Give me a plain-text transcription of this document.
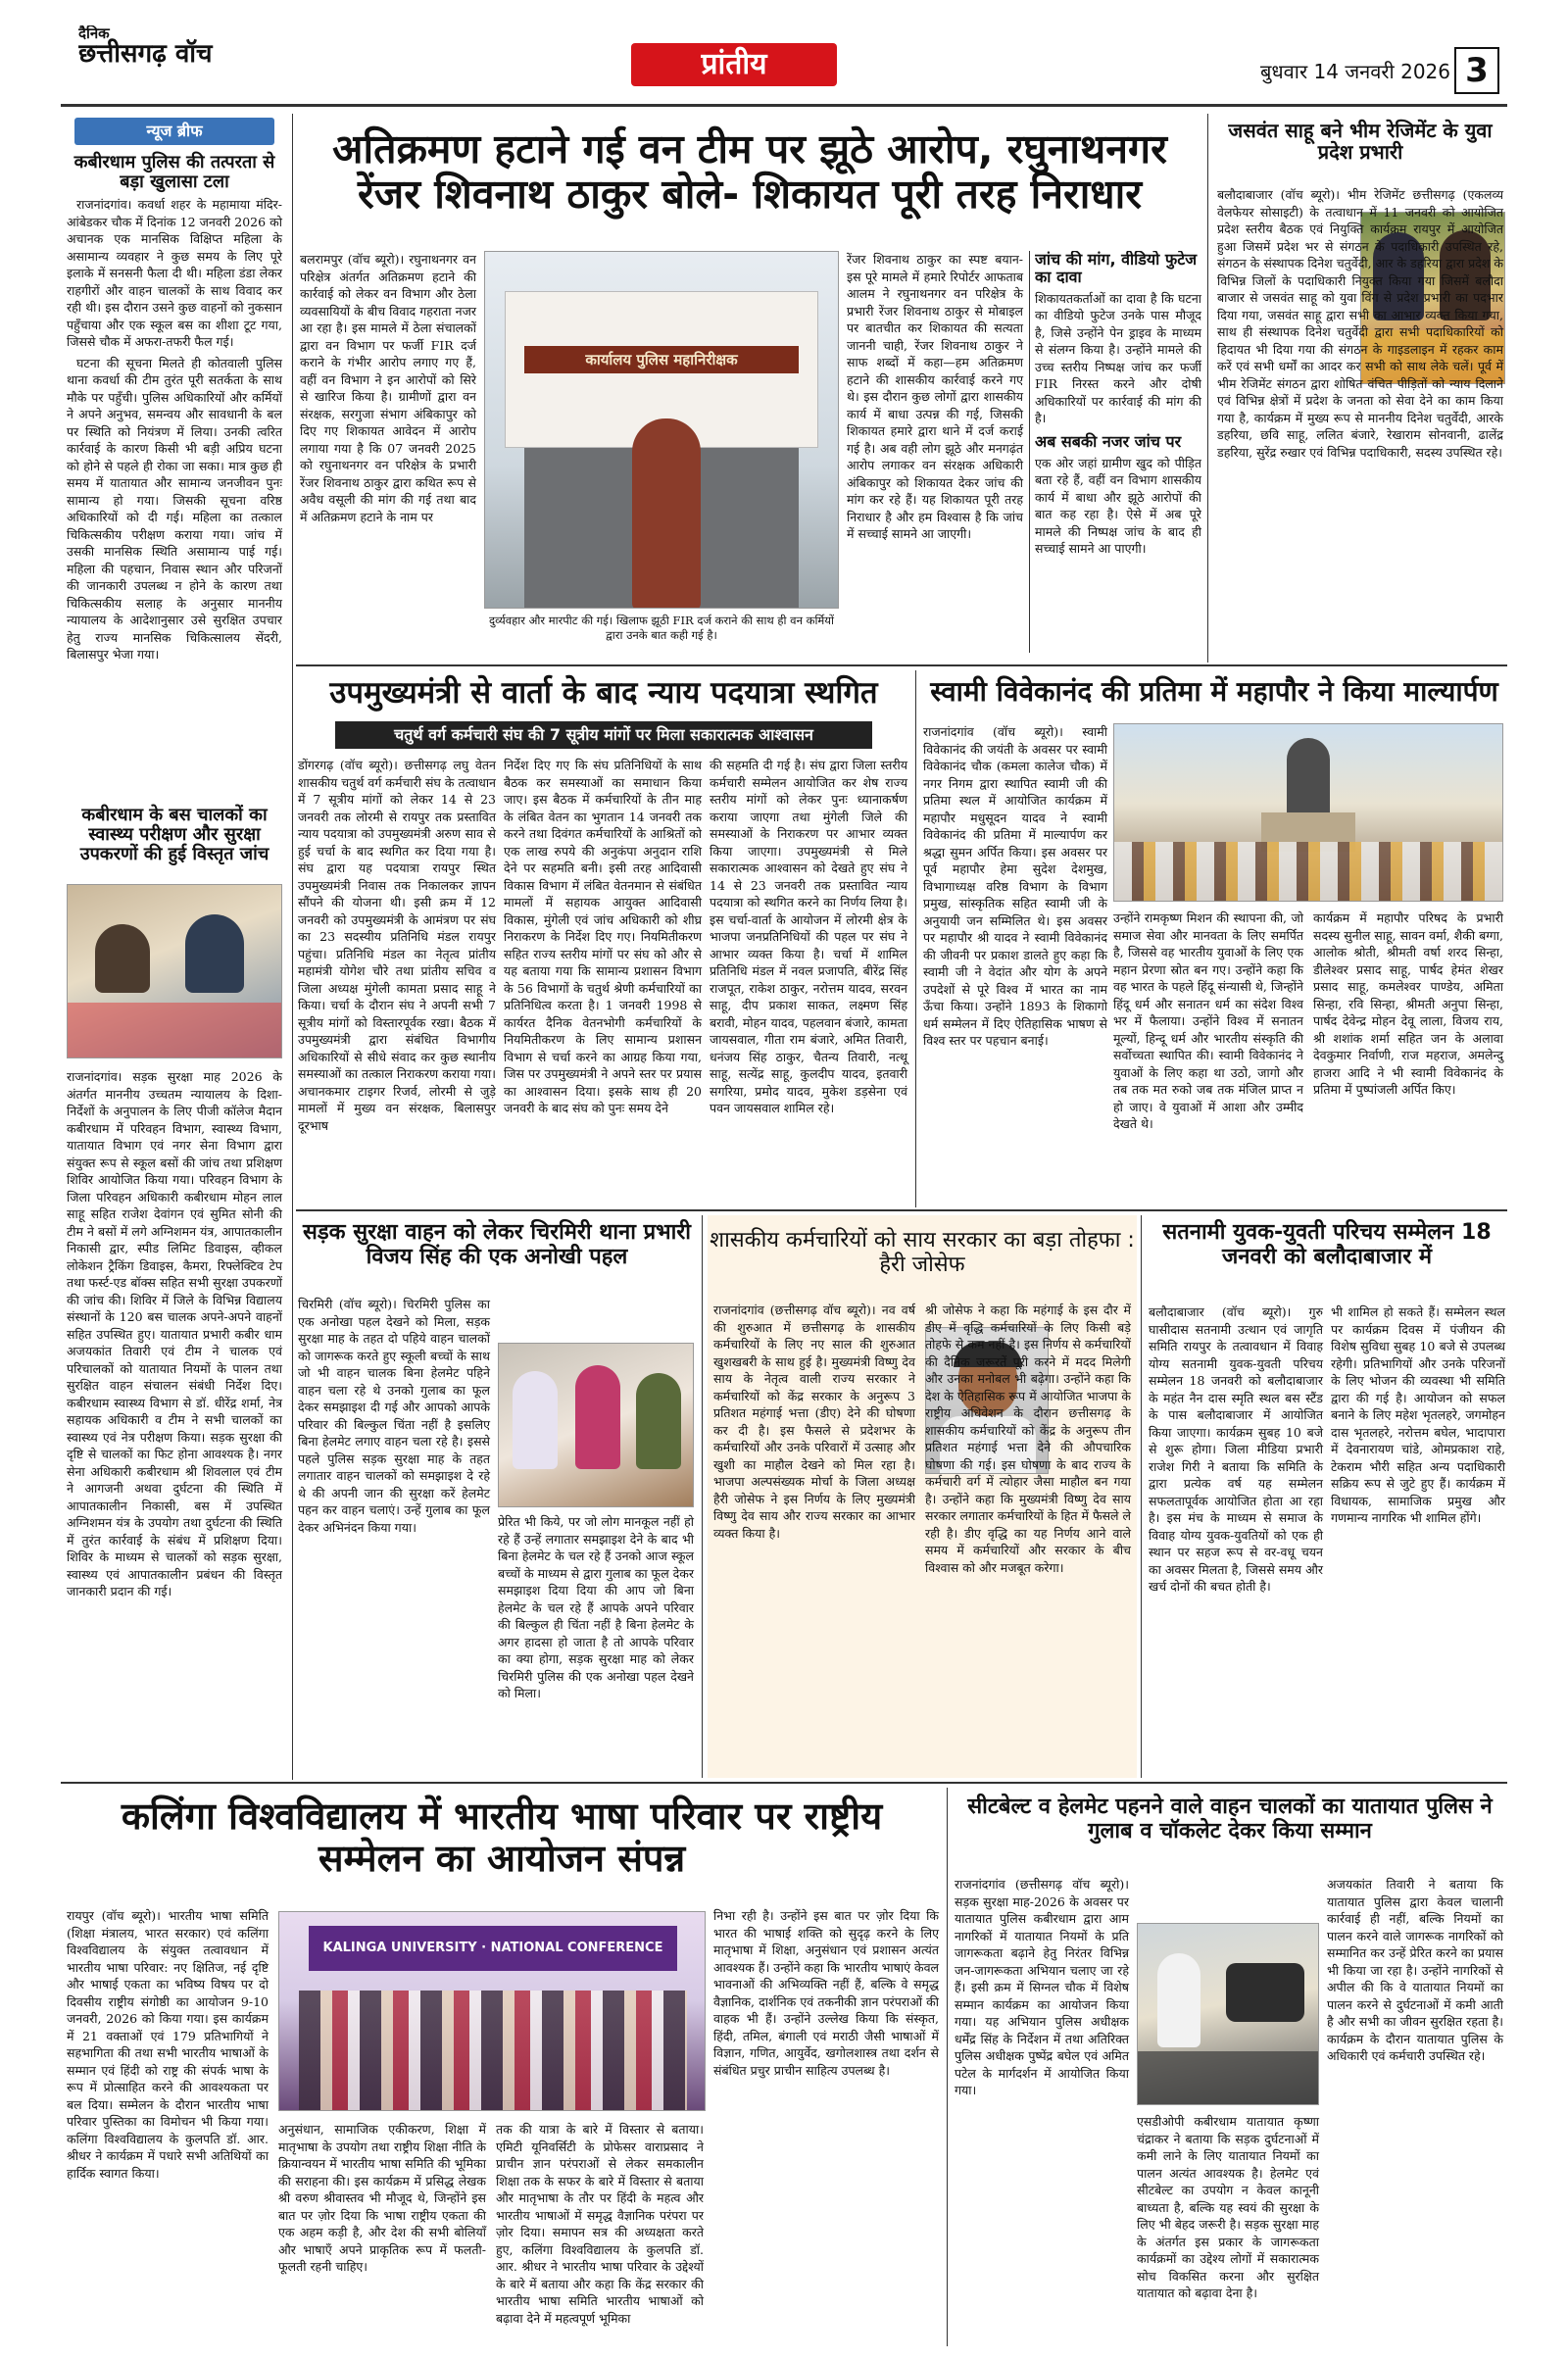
दैनिक
छत्तीसगढ़ वॉच	प्रांतीय	बुधवार 14 जनवरी 2026 3
न्यूज ब्रीफ
कबीरधाम पुलिस की तत्परता से बड़ा खुलासा टला

राजनांदगांव। कवर्धा शहर के महामाया मंदिर-आंबेडकर चौक में दिनांक 12 जनवरी 2026 को अचानक एक मानसिक विक्षिप्त महिला के असामान्य व्यवहार ने कुछ समय के लिए पूरे इलाके में सनसनी फैला दी थी। महिला डंडा लेकर राहगीरों और वाहन चालकों के साथ विवाद कर रही थी। इस दौरान उसने कुछ वाहनों को नुकसान पहुँचाया और एक स्कूल बस का शीशा टूट गया, जिससे चौक में अफरा-तफरी फैल गई।

घटना की सूचना मिलते ही कोतवाली पुलिस थाना कवर्धा की टीम तुरंत पूरी सतर्कता के साथ मौके पर पहुँची। पुलिस अधिकारियों और कर्मियों ने अपने अनुभव, समन्वय और सावधानी के बल पर स्थिति को नियंत्रण में लिया। उनकी त्वरित कार्रवाई के कारण किसी भी बड़ी अप्रिय घटना को होने से पहले ही रोका जा सका। मात्र कुछ ही समय में यातायात और सामान्य जनजीवन पुनः सामान्य हो गया। जिसकी सूचना वरिष्ठ अधिकारियों को दी गई। महिला का तत्काल चिकित्सकीय परीक्षण कराया गया। जांच में उसकी मानसिक स्थिति असामान्य पाई गई। महिला की पहचान, निवास स्थान और परिजनों की जानकारी उपलब्ध न होने के कारण तथा चिकित्सकीय सलाह के अनुसार माननीय न्यायालय के आदेशानुसार उसे सुरक्षित उपचार हेतु राज्य मानसिक चिकित्सालय सेंदरी, बिलासपुर भेजा गया।

कबीरधाम के बस चालकों का स्वास्थ्य परीक्षण और सुरक्षा उपकरणों की हुई विस्तृत जांच
राजनांदगांव। सड़क सुरक्षा माह 2026 के अंतर्गत माननीय उच्चतम न्यायालय के दिशा-निर्देशों के अनुपालन के लिए पीजी कॉलेज मैदान कबीरधाम में परिवहन विभाग, स्वास्थ्य विभाग, यातायात विभाग एवं नगर सेना विभाग द्वारा संयुक्त रूप से स्कूल बसों की जांच तथा प्रशिक्षण शिविर आयोजित किया गया। परिवहन विभाग के जिला परिवहन अधिकारी कबीरधाम मोहन लाल साहू सहित राजेश देवांगन एवं सुमित सोनी की टीम ने बसों में लगे अग्निशमन यंत्र, आपातकालीन निकासी द्वार, स्पीड लिमिट डिवाइस, व्हीकल लोकेशन ट्रैकिंग डिवाइस, कैमरा, रिफ्लेक्टिव टेप तथा फर्स्ट-एड बॉक्स सहित सभी सुरक्षा उपकरणों की जांच की। शिविर में जिले के विभिन्न विद्यालय संस्थानों के 120 बस चालक अपने-अपने वाहनों सहित उपस्थित हुए। यातायात प्रभारी कबीर धाम अजयकांत तिवारी एवं टीम ने चालक एवं परिचालकों को यातायात नियमों के पालन तथा सुरक्षित वाहन संचालन संबंधी निर्देश दिए। कबीरधाम स्वास्थ्य विभाग से डॉ. धीरेंद्र शर्मा, नेत्र सहायक अधिकारी व टीम ने सभी चालकों का स्वास्थ्य एवं नेत्र परीक्षण किया। सड़क सुरक्षा की दृष्टि से चालकों का फिट होना आवश्यक है। नगर सेना अधिकारी कबीरधाम श्री शिवलाल एवं टीम ने आगजनी अथवा दुर्घटना की स्थिति में आपातकालीन निकासी, बस में उपस्थित अग्निशमन यंत्र के उपयोग तथा दुर्घटना की स्थिति में तुरंत कार्रवाई के संबंध में प्रशिक्षण दिया। शिविर के माध्यम से चालकों को सड़क सुरक्षा, स्वास्थ्य एवं आपातकालीन प्रबंधन की विस्तृत जानकारी प्रदान की गई।
अतिक्रमण हटाने गई वन टीम पर झूठे आरोप, रघुनाथनगर रेंजर शिवनाथ ठाकुर बोले- शिकायत पूरी तरह निराधार
बलरामपुर (वॉच ब्यूरो)। रघुनाथनगर वन परिक्षेत्र अंतर्गत अतिक्रमण हटाने की कार्रवाई को लेकर वन विभाग और ठेला व्यवसायियों के बीच विवाद गहराता नजर आ रहा है। इस मामले में ठेला संचालकों द्वारा वन विभाग पर फर्जी FIR दर्ज कराने के गंभीर आरोप लगाए गए हैं, वहीं वन विभाग ने इन आरोपों को सिरे से खारिज किया है। ग्रामीणों द्वारा वन संरक्षक, सरगुजा संभाग अंबिकापुर को दिए गए शिकायत आवेदन में आरोप लगाया गया है कि 07 जनवरी 2025 को रघुनाथनगर वन परिक्षेत्र के प्रभारी रेंजर शिवनाथ ठाकुर द्वारा कथित रूप से अवैध वसूली की मांग की गई तथा बाद में अतिक्रमण हटाने के नाम पर
कार्यालय पुलिस महानिरीक्षक
दुर्व्यवहार और मारपीट की गई। खिलाफ झूठी FIR दर्ज कराने की साथ ही वन कर्मियों द्वारा उनके बात कही गई है।
रेंजर शिवनाथ ठाकुर का स्पष्ट बयान- इस पूरे मामले में हमारे रिपोर्टर आफताब आलम ने रघुनाथनगर वन परिक्षेत्र के प्रभारी रेंजर शिवनाथ ठाकुर से मोबाइल पर बातचीत कर शिकायत की सत्यता जाननी चाही, रेंजर शिवनाथ ठाकुर ने साफ शब्दों में कहा—हम अतिक्रमण हटाने की शासकीय कार्रवाई करने गए थे। इस दौरान कुछ लोगों द्वारा शासकीय कार्य में बाधा उत्पन्न की गई, जिसकी शिकायत हमारे द्वारा थाने में दर्ज कराई गई है। अब वही लोग झूठे और मनगढ़ंत आरोप लगाकर वन संरक्षक अधिकारी अंबिकापुर को शिकायत देकर जांच की मांग कर रहे हैं। यह शिकायत पूरी तरह निराधार है और हम विश्वास है कि जांच में सच्चाई सामने आ जाएगी।
जांच की मांग, वीडियो फुटेज का दावा
शिकायतकर्ताओं का दावा है कि घटना का वीडियो फुटेज उनके पास मौजूद है, जिसे उन्होंने पेन ड्राइव के माध्यम से संलग्न किया है। उन्होंने मामले की उच्च स्तरीय निष्पक्ष जांच कर फर्जी FIR निरस्त करने और दोषी अधिकारियों पर कार्रवाई की मांग की है।
अब सबकी नजर जांच पर
एक ओर जहां ग्रामीण खुद को पीड़ित बता रहे हैं, वहीं वन विभाग शासकीय कार्य में बाधा और झूठे आरोपों की बात कह रहा है। ऐसे में अब पूरे मामले की निष्पक्ष जांच के बाद ही सच्चाई सामने आ पाएगी।
जसवंत साहू बने भीम रेजिमेंट के युवा प्रदेश प्रभारी
बलौदाबाजार (वॉच ब्यूरो)। भीम रेजिमेंट छत्तीसगढ़ (एकलव्य वेलफेयर सोसाइटी) के तत्वाधान में 11 जनवरी को आयोजित प्रदेश स्तरीय बैठक एवं नियुक्ति कार्यक्रम रायपुर में आयोजित हुआ जिसमें प्रदेश भर से संगठन के पदाधिकारी उपस्थित रहे, संगठन के संस्थापक दिनेश चतुर्वेदी, आर के डहरिया द्वारा प्रदेश के विभिन्न जिलों के पदाधिकारी नियुक्त किया गया जिसमें बलौदा बाजार से जसवंत साहू को युवा विंग से प्रदेश प्रभारी का पदभार दिया गया, जसवंत साहू द्वारा सभी का आभार व्यक्त किया गया, साथ ही संस्थापक दिनेश चतुर्वेदी द्वारा सभी पदाधिकारियों को हिदायत भी दिया गया की संगठन के गाइडलाइन में रहकर काम करें एवं सभी धर्मों का आदर कर सभी को साथ लेके चलें। पूर्व में भीम रेजिमेंट संगठन द्वारा शोषित वंचित पीड़ितों को न्याय दिलाने एवं विभिन्न क्षेत्रों में प्रदेश के जनता को सेवा देने का काम किया गया है, कार्यक्रम में मुख्य रूप से माननीय दिनेश चतुर्वेदी, आरके डहरिया, छवि साहू, ललित बंजारे, रेखाराम सोनवानी, ढालेंद्र डहरिया, सुरेंद्र रुखार एवं विभिन्न पदाधिकारी, सदस्य उपस्थित रहे।
उपमुख्यमंत्री से वार्ता के बाद न्याय पदयात्रा स्थगित
चतुर्थ वर्ग कर्मचारी संघ की 7 सूत्रीय मांगों पर मिला सकारात्मक आश्वासन
डोंगरगढ़ (वॉच ब्यूरो)। छत्तीसगढ़ लघु वेतन शासकीय चतुर्थ वर्ग कर्मचारी संघ के तत्वाधान में 7 सूत्रीय मांगों को लेकर 14 से 23 जनवरी तक लोरमी से रायपुर तक प्रस्तावित न्याय पदयात्रा को उपमुख्यमंत्री अरुण साव से हुई चर्चा के बाद स्थगित कर दिया गया है। संघ द्वारा यह पदयात्रा रायपुर स्थित उपमुख्यमंत्री निवास तक निकालकर ज्ञापन सौंपने की योजना थी। इसी क्रम में 12 जनवरी को उपमुख्यमंत्री के आमंत्रण पर संघ का 23 सदस्यीय प्रतिनिधि मंडल रायपुर पहुंचा। प्रतिनिधि मंडल का नेतृत्व प्रांतीय महामंत्री योगेश चौरे तथा प्रांतीय सचिव व जिला अध्यक्ष मुंगेली कामता प्रसाद साहू ने किया। चर्चा के दौरान संघ ने अपनी सभी 7 सूत्रीय मांगों को विस्तारपूर्वक रखा। बैठक में उपमुख्यमंत्री द्वारा संबंधित विभागीय अधिकारियों से सीधे संवाद कर कुछ स्थानीय समस्याओं का तत्काल निराकरण कराया गया। अचानकमार टाइगर रिजर्व, लोरमी से जुड़े मामलों में मुख्य वन संरक्षक, बिलासपुर दूरभाष
निर्देश दिए गए कि संघ प्रतिनिधियों के साथ बैठक कर समस्याओं का समाधान किया जाए। इस बैठक में कर्मचारियों के तीन माह के लंबित वेतन का भुगतान 14 जनवरी तक करने तथा दिवंगत कर्मचारियों के आश्रितों को एक लाख रुपये की अनुकंपा अनुदान राशि देने पर सहमति बनी। इसी तरह आदिवासी विकास विभाग में लंबित वेतनमान से संबंधित मामलों में सहायक आयुक्त आदिवासी विकास, मुंगेली एवं जांच अधिकारी को शीघ्र निराकरण के निर्देश दिए गए। नियमितीकरण सहित राज्य स्तरीय मांगों पर संघ को और से यह बताया गया कि सामान्य प्रशासन विभाग के 56 विभागों के चतुर्थ श्रेणी कर्मचारियों का प्रतिनिधित्व करता है। 1 जनवरी 1998 से कार्यरत दैनिक वेतनभोगी कर्मचारियों के नियमितीकरण के लिए सामान्य प्रशासन विभाग से चर्चा करने का आग्रह किया गया, जिस पर उपमुख्यमंत्री ने अपने स्तर पर प्रयास का आश्वासन दिया। इसके साथ ही 20 जनवरी के बाद संघ को पुनः समय देने
की सहमति दी गई है। संघ द्वारा जिला स्तरीय कर्मचारी सम्मेलन आयोजित कर शेष राज्य स्तरीय मांगों को लेकर पुनः ध्यानाकर्षण कराया जाएगा तथा मुंगेली जिले की समस्याओं के निराकरण पर आभार व्यक्त किया जाएगा। उपमुख्यमंत्री से मिले सकारात्मक आश्वासन को देखते हुए संघ ने 14 से 23 जनवरी तक प्रस्तावित न्याय पदयात्रा को स्थगित करने का निर्णय लिया है। इस चर्चा-वार्ता के आयोजन में लोरमी क्षेत्र के भाजपा जनप्रतिनिधियों की पहल पर संघ ने आभार व्यक्त किया है। चर्चा में शामिल प्रतिनिधि मंडल में नवल प्रजापति, बीरेंद्र सिंह राजपूत, राकेश ठाकुर, नरोत्तम यादव, सरवन साहू, दीप प्रकाश साकत, लक्ष्मण सिंह बरावी, मोहन यादव, पहलवान बंजारे, कामता जायसवाल, गीता राम बंजारे, अमित तिवारी, धनंजय सिंह ठाकुर, चैतन्य तिवारी, नत्थू साहू, सत्येंद्र साहू, कुलदीप यादव, इतवारी सगरिया, प्रमोद यादव, मुकेश डड़सेना एवं पवन जायसवाल शामिल रहे।
स्वामी विवेकानंद की प्रतिमा में महापौर ने किया माल्यार्पण
राजनांदगांव (वॉच ब्यूरो)। स्वामी विवेकानंद की जयंती के अवसर पर स्वामी विवेकानंद चौक (कमला कालेज चौक) में नगर निगम द्वारा स्थापित स्वामी जी की प्रतिमा स्थल में आयोजित कार्यक्रम में महापौर मधुसूदन यादव ने स्वामी विवेकानंद की प्रतिमा में माल्यार्पण कर श्रद्धा सुमन अर्पित किया। इस अवसर पर पूर्व महापौर हेमा सुदेश देशमुख, विभागाध्यक्ष वरिष्ठ विभाग के विभाग प्रमुख, सांस्कृतिक सहित स्वामी जी के अनुयायी जन सम्मिलित थे। इस अवसर पर महापौर श्री यादव ने स्वामी विवेकानंद की जीवनी पर प्रकाश डालते हुए कहा कि स्वामी जी ने वेदांत और योग के अपने उपदेशों से पूरे विश्व में भारत का नाम ऊँचा किया। उन्होंने 1893 के शिकागो धर्म सम्मेलन में दिए ऐतिहासिक भाषण से विश्व स्तर पर पहचान बनाई।
उन्होंने रामकृष्ण मिशन की स्थापना की, जो समाज सेवा और मानवता के लिए समर्पित है, जिससे वह भारतीय युवाओं के लिए एक महान प्रेरणा स्रोत बन गए। उन्होंने कहा कि वह भारत के पहले हिंदू संन्यासी थे, जिन्होंने हिंदू धर्म और सनातन धर्म का संदेश विश्व भर में फैलाया। उन्होंने विश्व में सनातन मूल्यों, हिन्दू धर्म और भारतीय संस्कृति की सर्वोच्चता स्थापित की। स्वामी विवेकानंद ने युवाओं के लिए कहा था उठो, जागो और तब तक मत रुको जब तक मंजिल प्राप्त न हो जाए। वे युवाओं में आशा और उम्मीद देखते थे।
कार्यक्रम में महापौर परिषद के प्रभारी सदस्य सुनील साहू, सावन वर्मा, शैकी बग्गा, आलोक श्रोती, श्रीमती वर्षा शरद सिन्हा, डीलेश्वर प्रसाद साहू, पार्षद हेमंत शेखर प्रसाद साहू, कमलेश्वर पाण्डेय, अमिता सिन्हा, रवि सिन्हा, श्रीमती अनुपा सिन्हा, पार्षद देवेन्द्र मोहन देवू लाला, विजय राय, श्री शशांक शर्मा सहित जन के अलावा देवकुमार निर्वाणी, राज महराज, अमलेन्दु हाजरा आदि ने भी स्वामी विवेकानंद के प्रतिमा में पुष्पांजली अर्पित किए।
सड़क सुरक्षा वाहन को लेकर चिरमिरी थाना प्रभारी विजय सिंह की एक अनोखी पहल
चिरमिरी (वॉच ब्यूरो)। चिरमिरी पुलिस का एक अनोखा पहल देखने को मिला, सड़क सुरक्षा माह के तहत दो पहिये वाहन चालकों को जागरूक करते हुए स्कूली बच्चों के साथ जो भी वाहन चालक बिना हेलमेट पहिने वाहन चला रहे थे उनको गुलाब का फूल देकर समझाइश दी गई और आपको आपके परिवार की बिल्कुल चिंता नहीं है इसलिए बिना हेलमेट लगाए वाहन चला रहे है। इससे पहले पुलिस सड़क सुरक्षा माह के तहत लगातार वाहन चालकों को समझाइश दे रहे थे की अपनी जान की सुरक्षा करें हेलमेट पहन कर वाहन चलाएं। उन्हें गुलाब का फूल देकर अभिनंदन किया गया।	प्रेरित भी किये, पर जो लोग मानकूल नहीं हो रहे हैं उन्हें लगातार समझाइश देने के बाद भी बिना हेलमेट के चल रहे हैं उनको आज स्कूल बच्चों के माध्यम से द्वारा गुलाब का फूल देकर समझाइश दिया दिया की आप जो बिना हेलमेट के चल रहे हैं आपके अपने परिवार की बिल्कुल ही चिंता नहीं है बिना हेलमेट के अगर हादसा हो जाता है तो आपके परिवार का क्या होगा, सड़क सुरक्षा माह को लेकर चिरमिरी पुलिस की एक अनोखा पहल देखने को मिला।
शासकीय कर्मचारियों को साय सरकार का बड़ा तोहफा : हैरी जोसेफ
राजनांदगांव (छत्तीसगढ़ वॉच ब्यूरो)। नव वर्ष की शुरुआत में छत्तीसगढ़ के शासकीय कर्मचारियों के लिए नए साल की शुरुआत खुशखबरी के साथ हुई है। मुख्यमंत्री विष्णु देव साय के नेतृत्व वाली राज्य सरकार ने कर्मचारियों को केंद्र सरकार के अनुरूप 3 प्रतिशत महंगाई भत्ता (डीए) देने की घोषणा कर दी है। इस फैसले से प्रदेशभर के कर्मचारियों और उनके परिवारों में उत्साह और खुशी का माहौल देखने को मिल रहा है। भाजपा अल्पसंख्यक मोर्चा के जिला अध्यक्ष हैरी जोसेफ ने इस निर्णय के लिए मुख्यमंत्री विष्णु देव साय और राज्य सरकार का आभार व्यक्त किया है।
श्री जोसेफ ने कहा कि महंगाई के इस दौर में डीए में वृद्धि कर्मचारियों के लिए किसी बड़े तोहफे से कम नहीं है। इस निर्णय से कर्मचारियों की दैनिक जरूरतें पूरी करने में मदद मिलेगी और उनका मनोबल भी बढ़ेगा। उन्होंने कहा कि देश के ऐतिहासिक रूप में आयोजित भाजपा के राष्ट्रीय अधिवेशन के दौरान छत्तीसगढ़ के शासकीय कर्मचारियों को केंद्र के अनुरूप तीन प्रतिशत महंगाई भत्ता देने की औपचारिक घोषणा की गई। इस घोषणा के बाद राज्य के कर्मचारी वर्ग में त्योहार जैसा माहौल बन गया है। उन्होंने कहा कि मुख्यमंत्री विष्णु देव साय सरकार लगातार कर्मचारियों के हित में फैसले ले रही है। डीए वृद्धि का यह निर्णय आने वाले समय में कर्मचारियों और सरकार के बीच विश्वास को और मजबूत करेगा।
सतनामी युवक-युवती परिचय सम्मेलन 18 जनवरी को बलौदाबाजार में
बलौदाबाजार (वॉच ब्यूरो)। गुरु घासीदास सतनामी उत्थान एवं जागृति समिति रायपुर के तत्वावधान में विवाह योग्य सतनामी युवक-युवती परिचय सम्मेलन 18 जनवरी को बलौदाबाजार के महंत नैन दास स्मृति स्थल बस स्टैंड के पास बलौदाबाजार में आयोजित किया जाएगा। कार्यक्रम सुबह 10 बजे से शुरू होगा। जिला मीडिया प्रभारी राजेश गिरी ने बताया कि समिति के द्वारा प्रत्येक वर्ष यह सम्मेलन सफलतापूर्वक आयोजित होता आ रहा है। इस मंच के माध्यम से समाज के विवाह योग्य युवक-युवतियों को एक ही स्थान पर सहज रूप से वर-वधू चयन का अवसर मिलता है, जिससे समय और खर्च दोनों की बचत होती है।
भी शामिल हो सकते हैं। सम्मेलन स्थल पर कार्यक्रम दिवस में पंजीयन की विशेष सुविधा सुबह 10 बजे से उपलब्ध रहेगी। प्रतिभागियों और उनके परिजनों के लिए भोजन की व्यवस्था भी समिति द्वारा की गई है। आयोजन को सफल बनाने के लिए महेश भृतलहरे, जगमोहन दास भृतलहरे, नरोत्तम बघेल, भादापारा में देवनारायण चांडे, ओमप्रकाश राहे, टेकराम भौरी सहित अन्य पदाधिकारी सक्रिय रूप से जुटे हुए हैं। कार्यक्रम में विधायक, सामाजिक प्रमुख और गणमान्य नागरिक भी शामिल होंगे।
कलिंगा विश्वविद्यालय में भारतीय भाषा परिवार पर राष्ट्रीय सम्मेलन का आयोजन संपन्न
रायपुर (वॉच ब्यूरो)। भारतीय भाषा समिति (शिक्षा मंत्रालय, भारत सरकार) एवं कलिंगा विश्वविद्यालय के संयुक्त तत्वावधान में भारतीय भाषा परिवार: नए क्षितिज, नई दृष्टि और भाषाई एकता का भविष्य विषय पर दो दिवसीय राष्ट्रीय संगोष्ठी का आयोजन 9-10 जनवरी, 2026 को किया गया। इस कार्यक्रम में 21 वक्ताओं एवं 179 प्रतिभागियों ने सहभागिता की तथा सभी भारतीय भाषाओं के सम्मान एवं हिंदी को राष्ट्र की संपर्क भाषा के रूप में प्रोत्साहित करने की आवश्यकता पर बल दिया। सम्मेलन के दौरान भारतीय भाषा परिवार पुस्तिका का विमोचन भी किया गया। कलिंगा विश्वविद्यालय के कुलपति डॉ. आर. श्रीधर ने कार्यक्रम में पधारे सभी अतिथियों का हार्दिक स्वागत किया।
KALINGA UNIVERSITY · NATIONAL CONFERENCE
अनुसंधान, सामाजिक एकीकरण, शिक्षा में मातृभाषा के उपयोग तथा राष्ट्रीय शिक्षा नीति के क्रियान्वयन में भारतीय भाषा समिति की भूमिका की सराहना की। इस कार्यक्रम में प्रसिद्ध लेखक श्री वरुण श्रीवास्तव भी मौजूद थे, जिन्होंने इस बात पर ज़ोर दिया कि भाषा राष्ट्रीय एकता की एक अहम कड़ी है, और देश की सभी बोलियाँ और भाषाएँ अपने प्राकृतिक रूप में फलती-फूलती रहनी चाहिए।
तक की यात्रा के बारे में विस्तार से बताया। एमिटी यूनिवर्सिटी के प्रोफेसर वाराप्रसाद ने प्राचीन ज्ञान परंपराओं से लेकर समकालीन शिक्षा तक के सफर के बारे में विस्तार से बताया और मातृभाषा के तौर पर हिंदी के महत्व और भारतीय भाषाओं में समृद्ध वैज्ञानिक परंपरा पर ज़ोर दिया। समापन सत्र की अध्यक्षता करते हुए, कलिंगा विश्वविद्यालय के कुलपति डॉ. आर. श्रीधर ने भारतीय भाषा परिवार के उद्देश्यों के बारे में बताया और कहा कि केंद्र सरकार की भारतीय भाषा समिति भारतीय भाषाओं को बढ़ावा देने में महत्वपूर्ण भूमिका
निभा रही है। उन्होंने इस बात पर ज़ोर दिया कि भारत की भाषाई शक्ति को सुदृढ़ करने के लिए मातृभाषा में शिक्षा, अनुसंधान एवं प्रशासन अत्यंत आवश्यक हैं। उन्होंने कहा कि भारतीय भाषाएं केवल भावनाओं की अभिव्यक्ति नहीं हैं, बल्कि वे समृद्ध वैज्ञानिक, दार्शनिक एवं तकनीकी ज्ञान परंपराओं की वाहक भी हैं। उन्होंने उल्लेख किया कि संस्कृत, हिंदी, तमिल, बंगाली एवं मराठी जैसी भाषाओं में विज्ञान, गणित, आयुर्वेद, खगोलशास्त्र तथा दर्शन से संबंधित प्रचुर प्राचीन साहित्य उपलब्ध है।
सीटबेल्ट व हेलमेट पहनने वाले वाहन चालकों का यातायात पुलिस ने गुलाब व चॉकलेट देकर किया सम्मान
राजनांदगांव (छत्तीसगढ़ वॉच ब्यूरो)। सड़क सुरक्षा माह-2026 के अवसर पर यातायात पुलिस कबीरधाम द्वारा आम नागरिकों में यातायात नियमों के प्रति जागरूकता बढ़ाने हेतु निरंतर विभिन्न जन-जागरूकता अभियान चलाए जा रहे हैं। इसी क्रम में सिग्नल चौक में विशेष सम्मान कार्यक्रम का आयोजन किया गया। यह अभियान पुलिस अधीक्षक धर्मेंद्र सिंह के निर्देशन में तथा अतिरिक्त पुलिस अधीक्षक पुष्पेंद्र बघेल एवं अमित पटेल के मार्गदर्शन में आयोजित किया गया।
एसडीओपी कबीरधाम यातायात कृष्णा चंद्राकर ने बताया कि सड़क दुर्घटनाओं में कमी लाने के लिए यातायात नियमों का पालन अत्यंत आवश्यक है। हेलमेट एवं सीटबेल्ट का उपयोग न केवल कानूनी बाध्यता है, बल्कि यह स्वयं की सुरक्षा के लिए भी बेहद जरूरी है। सड़क सुरक्षा माह के अंतर्गत इस प्रकार के जागरूकता कार्यक्रमों का उद्देश्य लोगों में सकारात्मक सोच विकसित करना और सुरक्षित यातायात को बढ़ावा देना है।
अजयकांत तिवारी ने बताया कि यातायात पुलिस द्वारा केवल चालानी कार्रवाई ही नहीं, बल्कि नियमों का पालन करने वाले जागरूक नागरिकों को सम्मानित कर उन्हें प्रेरित करने का प्रयास भी किया जा रहा है। उन्होंने नागरिकों से अपील की कि वे यातायात नियमों का पालन करने से दुर्घटनाओं में कमी आती है और सभी का जीवन सुरक्षित रहता है। कार्यक्रम के दौरान यातायात पुलिस के अधिकारी एवं कर्मचारी उपस्थित रहे।
